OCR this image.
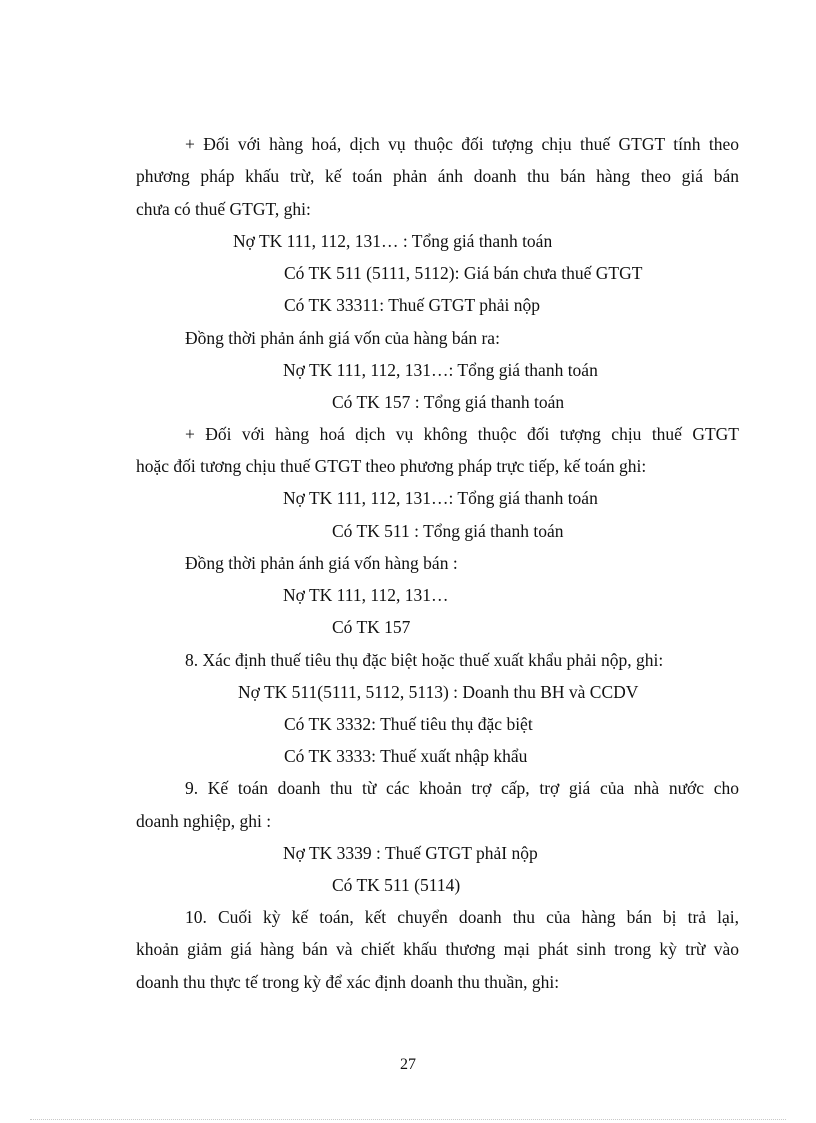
+ Đối với hàng hoá, dịch vụ thuộc đối tượng chịu thuế GTGT tính theo
phương pháp khấu trừ, kế toán phản ánh doanh thu bán hàng theo giá bán
chưa có thuế GTGT, ghi:
Nợ TK 111, 112, 131… : Tổng giá thanh toán
Có TK 511 (5111, 5112): Giá bán chưa thuế GTGT
Có TK 33311: Thuế GTGT phải nộp
Đồng thời phản ánh giá vốn của hàng bán ra:
Nợ TK 111, 112, 131…: Tổng giá thanh toán
Có TK 157 : Tổng giá thanh toán
+ Đối với hàng hoá dịch vụ không thuộc đối tượng chịu thuế GTGT
hoặc đối tương chịu thuế GTGT theo phương pháp trực tiếp, kế toán ghi:
Nợ TK 111, 112, 131…: Tổng giá thanh toán
Có TK 511 : Tổng giá thanh toán
Đồng thời phản ánh giá vốn hàng bán :
Nợ TK 111, 112, 131…
Có TK 157
8. Xác định thuế tiêu thụ đặc biệt hoặc thuế xuất khẩu phải nộp, ghi:
Nợ TK 511(5111, 5112, 5113) : Doanh thu BH và CCDV
Có TK 3332: Thuế tiêu thụ đặc biệt
Có TK 3333: Thuế xuất nhập khẩu
9. Kế toán doanh thu từ các khoản trợ cấp, trợ giá của nhà nước cho
doanh nghiệp, ghi :
Nợ TK 3339 : Thuế GTGT phảI nộp
Có TK 511 (5114)
10. Cuối kỳ kế toán, kết chuyển doanh thu của hàng bán bị trả lại,
khoản giảm giá hàng bán và chiết khấu thương mại phát sinh trong kỳ trừ vào
doanh thu thực tế trong kỳ để xác định doanh thu thuần, ghi:
27
